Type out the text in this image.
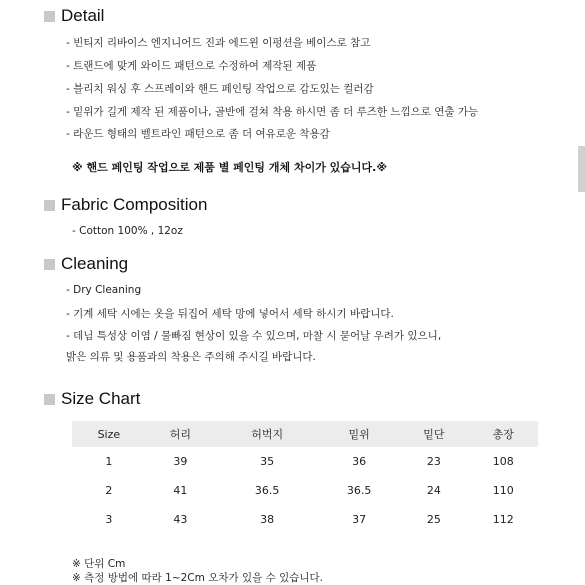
Detail
- 빈티지 리바이스 엔지니어드 진과 에드윈 이펑션을 베이스로 참고
- 트랜드에 맞게 와이드 패턴으로 수정하여 제작된 제품
- 블리치 워싱 후 스프레이와 핸드 페인팅 작업으로 감도있는 컬러감
- 밑위가 길게 제작 된 제품이나, 골반에 걸쳐 착용 하시면 좀 더 루즈한 느낌으로 연출 가능
- 라운드 형태의 벨트라인 패턴으로 좀 더 여유로운 착용감
※ 핸드 페인팅 작업으로 제품 별 페인팅 개체 차이가 있습니다.※
Fabric Composition
- Cotton 100% , 12oz
Cleaning
- Dry Cleaning
- 기계 세탁 시에는 옷을 뒤집어 세탁 망에 넣어서 세탁 하시기 바랍니다.
- 데님 특성상 이염 / 물빠짐 현상이 있을 수 있으며, 마찰 시 묻어날 우려가 있으니,
밝은 의류 및 용품과의 착용은 주의해 주시길 바랍니다.
Size Chart
Size	허리	허벅지	밑위	밑단	총장
1	39	35	36	23	108
2	41	36.5	36.5	24	110
3	43	38	37	25	112
※ 단위 Cm
※ 측정 방법에 따라 1~2Cm 오차가 있을 수 있습니다.
